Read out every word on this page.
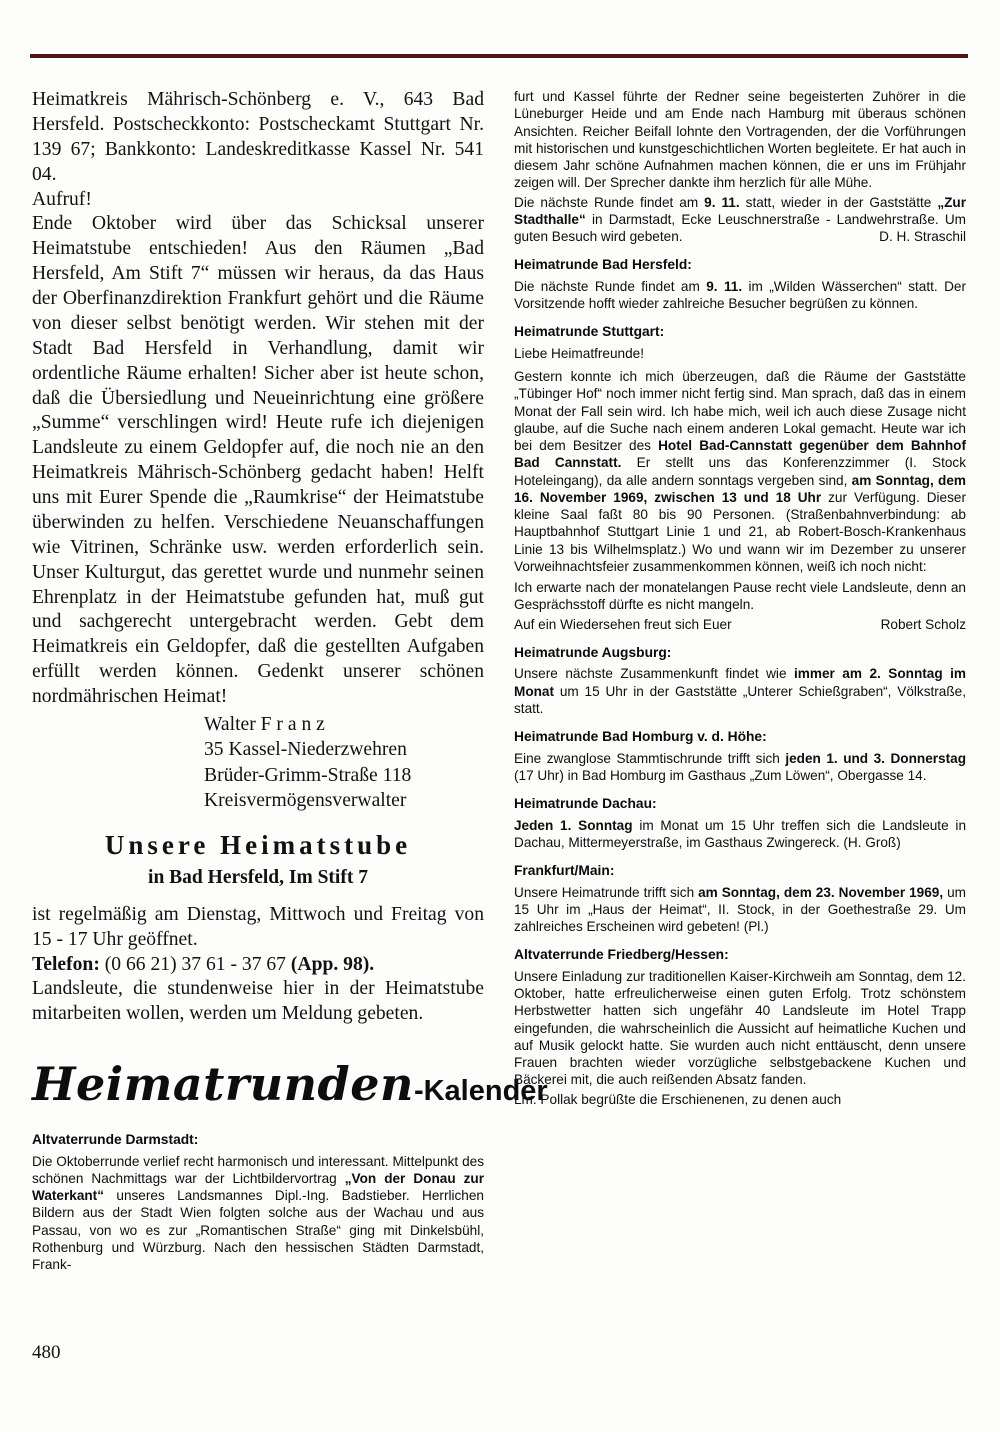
Heimatkreis Mährisch-Schönberg e. V., 643 Bad Hersfeld. Postscheckkonto: Postscheckamt Stuttgart Nr. 139 67; Bankkonto: Landeskreditkasse Kassel Nr. 541 04.

Aufruf!

Ende Oktober wird über das Schicksal unserer Heimatstube entschieden! Aus den Räumen „Bad Hersfeld, Am Stift 7“ müssen wir heraus, da das Haus der Oberfinanzdirektion Frankfurt gehört und die Räume von dieser selbst benötigt werden. Wir stehen mit der Stadt Bad Hersfeld in Verhandlung, damit wir ordentliche Räume erhalten! Sicher aber ist heute schon, daß die Übersiedlung und Neueinrichtung eine größere „Summe“ verschlingen wird! Heute rufe ich diejenigen Landsleute zu einem Geldopfer auf, die noch nie an den Heimatkreis Mährisch-Schönberg gedacht haben! Helft uns mit Eurer Spende die „Raumkrise“ der Heimatstube überwinden zu helfen. Verschiedene Neuanschaffungen wie Vitrinen, Schränke usw. werden erforderlich sein. Unser Kulturgut, das gerettet wurde und nunmehr seinen Ehrenplatz in der Heimatstube gefunden hat, muß gut und sachgerecht untergebracht werden. Gebt dem Heimatkreis ein Geldopfer, daß die gestellten Aufgaben erfüllt werden können. Gedenkt unserer schönen nordmährischen Heimat!

Walter F r a n z
35 Kassel-Niederzwehren
Brüder-Grimm-Straße 118
Kreisvermögensverwalter
Unsere Heimatstube
in Bad Hersfeld, Im Stift 7

ist regelmäßig am Dienstag, Mittwoch und Freitag von 15 - 17 Uhr geöffnet.

Telefon: (0 66 21) 37 61 - 37 67 (App. 98).

Landsleute, die stundenweise hier in der Heimatstube mitarbeiten wollen, werden um Meldung gebeten.

Heimatrunden-Kalender
Altvaterrunde Darmstadt:

Die Oktoberrunde verlief recht harmonisch und interessant. Mittelpunkt des schönen Nachmittags war der Lichtbildervortrag „Von der Donau zur Waterkant“ unseres Landsmannes Dipl.-Ing. Badstieber. Herrlichen Bildern aus der Stadt Wien folgten solche aus der Wachau und aus Passau, von wo es zur „Romantischen Straße“ ging mit Dinkelsbühl, Rothenburg und Würzburg. Nach den hessischen Städten Darmstadt, Frank-

furt und Kassel führte der Redner seine begeisterten Zuhörer in die Lüneburger Heide und am Ende nach Hamburg mit überaus schönen Ansichten. Reicher Beifall lohnte den Vortragenden, der die Vorführungen mit historischen und kunstgeschichtlichen Worten begleitete. Er hat auch in diesem Jahr schöne Aufnahmen machen können, die er uns im Frühjahr zeigen will. Der Sprecher dankte ihm herzlich für alle Mühe.

Die nächste Runde findet am 9. 11. statt, wieder in der Gaststätte „Zur Stadthalle“ in Darmstadt, Ecke Leuschnerstraße - Landwehrstraße. Um guten Besuch wird gebeten.	D. H. Straschil

Heimatrunde Bad Hersfeld:

Die nächste Runde findet am 9. 11. im „Wilden Wässerchen“ statt. Der Vorsitzende hofft wieder zahlreiche Besucher begrüßen zu können.

Heimatrunde Stuttgart:

Liebe Heimatfreunde!

Gestern konnte ich mich überzeugen, daß die Räume der Gaststätte „Tübinger Hof“ noch immer nicht fertig sind. Man sprach, daß das in einem Monat der Fall sein wird. Ich habe mich, weil ich auch diese Zusage nicht glaube, auf die Suche nach einem anderen Lokal gemacht. Heute war ich bei dem Besitzer des Hotel Bad-Cannstatt gegenüber dem Bahnhof Bad Cannstatt. Er stellt uns das Konferenzzimmer (I. Stock Hoteleingang), da alle andern sonntags vergeben sind, am Sonntag, dem 16. November 1969, zwischen 13 und 18 Uhr zur Verfügung. Dieser kleine Saal faßt 80 bis 90 Personen. (Straßenbahnverbindung: ab Hauptbahnhof Stuttgart Linie 1 und 21, ab Robert-Bosch-Krankenhaus Linie 13 bis Wilhelmsplatz.) Wo und wann wir im Dezember zu unserer Vorweihnachtsfeier zusammenkommen können, weiß ich noch nicht:

Ich erwarte nach der monatelangen Pause recht viele Landsleute, denn an Gesprächsstoff dürfte es nicht mangeln.

Auf ein Wiedersehen freut sich Euer	Robert Scholz

Heimatrunde Augsburg:

Unsere nächste Zusammenkunft findet wie immer am 2. Sonntag im Monat um 15 Uhr in der Gaststätte „Unterer Schießgraben“, Völkstraße, statt.

Heimatrunde Bad Homburg v. d. Höhe:

Eine zwanglose Stammtischrunde trifft sich jeden 1. und 3. Donnerstag (17 Uhr) in Bad Homburg im Gasthaus „Zum Löwen“, Obergasse 14.

Heimatrunde Dachau:

Jeden 1. Sonntag im Monat um 15 Uhr treffen sich die Landsleute in Dachau, Mittermeyerstraße, im Gasthaus Zwingereck. (H. Groß)

Frankfurt/Main:

Unsere Heimatrunde trifft sich am Sonntag, dem 23. November 1969, um 15 Uhr im „Haus der Heimat“, II. Stock, in der Goethestraße 29. Um zahlreiches Erscheinen wird gebeten! (Pl.)

Altvaterrunde Friedberg/Hessen:

Unsere Einladung zur traditionellen Kaiser-Kirchweih am Sonntag, dem 12. Oktober, hatte erfreulicherweise einen guten Erfolg. Trotz schönstem Herbstwetter hatten sich ungefähr 40 Landsleute im Hotel Trapp eingefunden, die wahrscheinlich die Aussicht auf heimatliche Kuchen und auf Musik gelockt hatte. Sie wurden auch nicht enttäuscht, denn unsere Frauen brachten wieder vorzügliche selbstgebackene Kuchen und Bäckerei mit, die auch reißenden Absatz fanden.

Lm. Pollak begrüßte die Erschienenen, zu denen auch

480
